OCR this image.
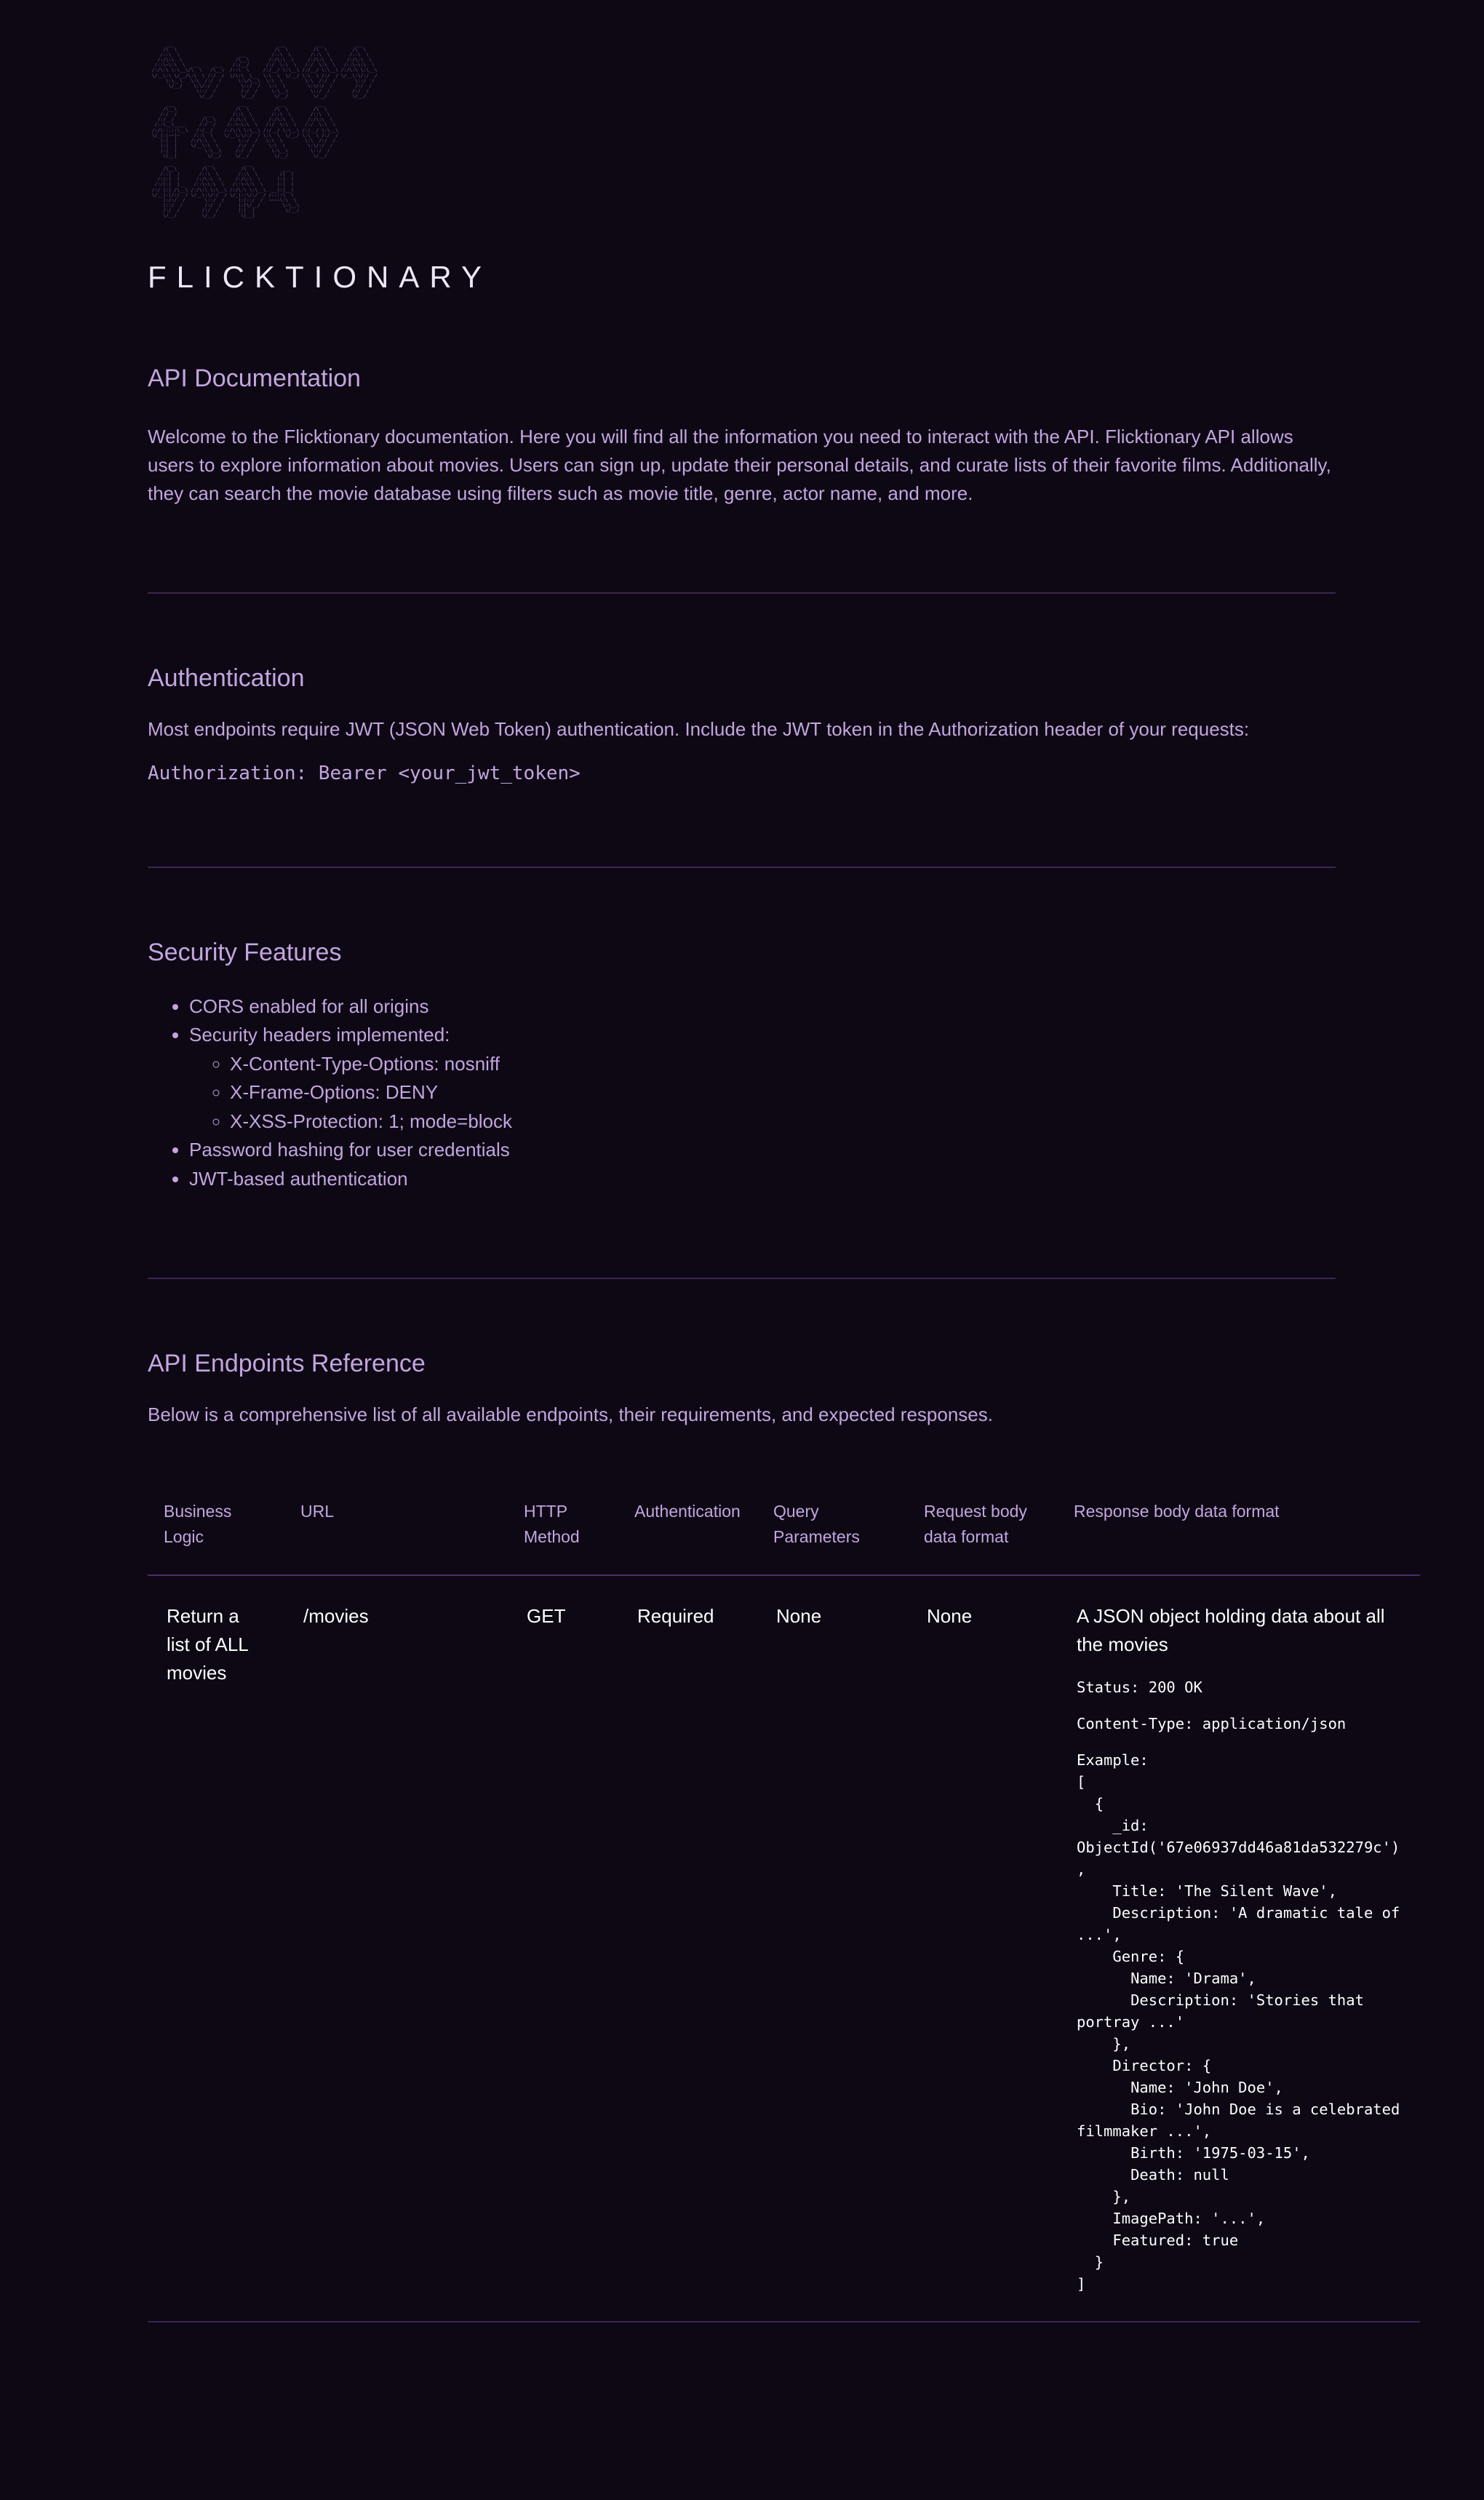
___                                     ___           ___           ___
/\  \                                   /\  \         /\  \         /\  \
/::\  \                     ___         /::\  \       /::\  \       /::\  \
/:/\:\  \                   /\__\       /:/\:\  \     /:/\:\  \     /:/\:\  \
/::\~\:\  \  ___     ___    /:/__/      /:/  \:\  \   /:/  \:\  \   /::\~\:\  \
/:/\:\ \:\__\/\  \   /\__\  /::\  \     /:/__/ \:\__\ /:/__/ \:\__\ /:/\:\ \:\__\
\/__\:\ \/__/\:\  \ /:/  /  \/\:\  \__  \:\  \  \/__/ \:\  \ /:/  / \/__\:\/:/  /
\:\__\   \:\  /:/  /      \:\/\__\  \:\  \        \:\  /:/  /       \::/  /
\/__/    \:\/:/  /        \::/  /   \:\  \        \:\/:/  /        /:/  /
\::/  /         /:/  /     \:\__\        \::/  /        /:/  /
\/__/          \/__/       \/__/         \/__/         \/__/
___                       ___           ___           ___
/\__\                     /\  \         /\  \         /\  \
/:/  /          ___       /::\  \       /::\  \       /::\  \
/:/__/          /\__\     /:/\:\  \     /:/\:\  \     /:/\:\  \
/::\__\____     /:/  /    /::\~\:\  \   /:/  \:\  \   /:/  \:\  \
/:/\:::::\__\   /:/__/    /:/\:\ \:\__\ /:/__/ \:\__\ /:/__/ \:\__\
\/_|:|~~|~     /::\  \    \/__\:\/:/  / \:\  \  \/__/ \:\  \ /:/  /
|:|  |     /:/\:\  \        \::/  /   \:\  \        \:\  /:/  /
|:|  |     \/__\:\  \       /:/  /     \:\  \        \:\/:/  /
|:|  |          \:\__\     /:/  /       \:\__\        \::/  /
\|__|           \/__/     \/__/         \/__/         \/__/
___           ___           ___
/\__\         /\  \         /\  \          ___
/::|  |       /::\  \       /::\  \        /|  |
/:|:|  |      /:/\:\  \     /:/\:\  \      |:|  |
/:/|:|  |__   /::\~\:\  \   /::\~\:\  \     |:|  |
/:/ |:| /\__\ /:/\:\ \:\__\ /:/\:\ \:\__\  __|:|__|
\/__|:|/:/  / \/__\:\/:/  / \/_|::\/:/  / /::::\  \
|:/:/  /       \::/  /     |:|::/  /  ~~~~\:\  \
|::/  /        /:/  /      |:|\/__/        \:\__\
/:/  /        /:/  /       |:|  |           \/__/
\/__/         \/__/         \|__|
FLICKTIONARY
API Documentation

Welcome to the Flicktionary documentation. Here you will find all the information you need to interact with the API. Flicktionary API allows users to explore information about movies. Users can sign up, update their personal details, and curate lists of their favorite films. Additionally, they can search the movie database using filters such as movie title, genre, actor name, and more.

Authentication

Most endpoints require JWT (JSON Web Token) authentication. Include the JWT token in the Authorization header of your requests:

Authorization: Bearer <your_jwt_token>
Security Features
• CORS enabled for all origins
• Security headers implemented:
◦ X-Content-Type-Options: nosniff
◦ X-Frame-Options: DENY
◦ X-XSS-Protection: 1; mode=block
• Password hashing for user credentials
• JWT-based authentication
API Endpoints Reference

Below is a comprehensive list of all available endpoints, their requirements, and expected responses.

Business Logic	URL	HTTP Method	Authentication	Query Parameters	Request body data format	Response body data format
Return a list of ALL movies	/movies	GET	Required	None	None	A JSON object holding data about all the movies
Status: 200 OK
Content-Type: application/json
Example:
[
{
_id: ObjectId('67e06937dd46a81da532279c'),
Title: 'The Silent Wave',
Description: 'A dramatic tale of ...',
Genre: {
Name: 'Drama',
Description: 'Stories that portray ...'
},
Director: {
Name: 'John Doe',
Bio: 'John Doe is a celebrated filmmaker ...',
Birth: '1975-03-15',
Death: null
},
ImagePath: '...',
Featured: true
}
]
